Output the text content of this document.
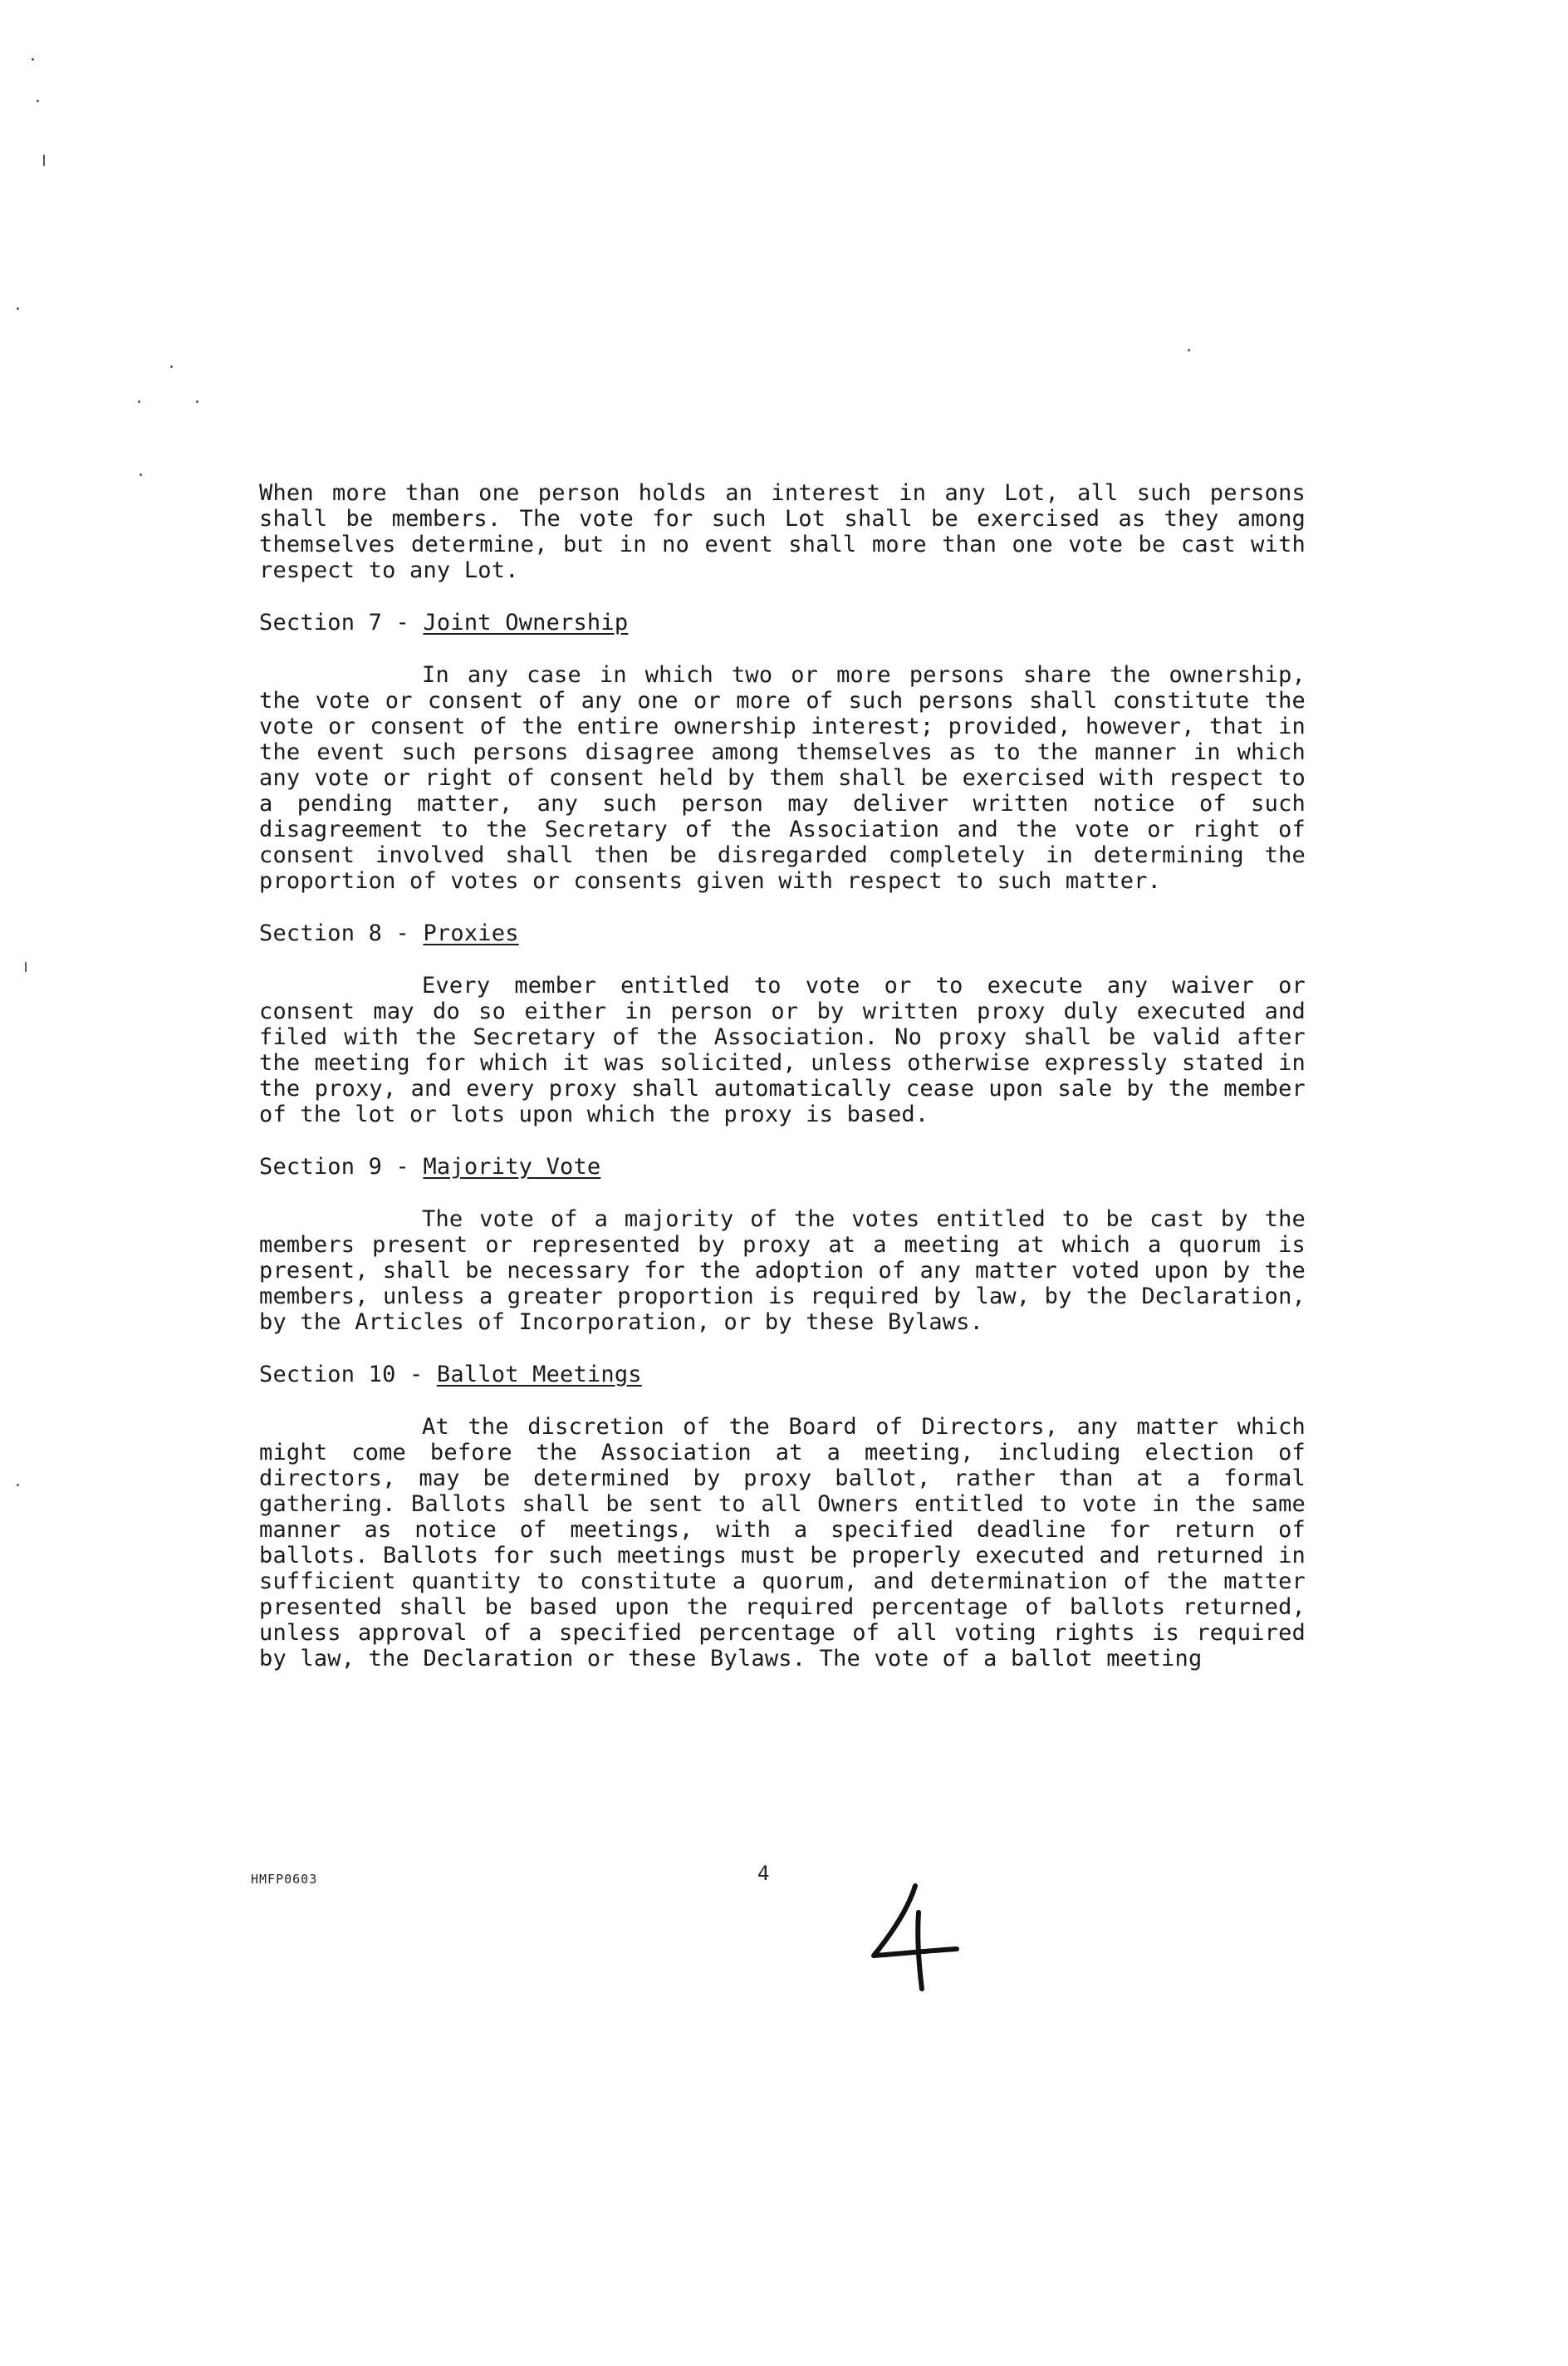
When more than one person holds an interest in any Lot, all such persons shall be members. The vote for such Lot shall be exercised as they among themselves determine, but in no event shall more than one vote be cast with respect to any Lot.

Section 7 - Joint Ownership

In any case in which two or more persons share the ownership, the vote or consent of any one or more of such persons shall constitute the vote or consent of the entire ownership interest; provided, however, that in the event such persons disagree among themselves as to the manner in which any vote or right of consent held by them shall be exercised with respect to a pending matter, any such person may deliver written notice of such disagreement to the Secretary of the Association and the vote or right of consent involved shall then be disregarded completely in determining the proportion of votes or consents given with respect to such matter.

Section 8 - Proxies

Every member entitled to vote or to execute any waiver or consent may do so either in person or by written proxy duly executed and filed with the Secretary of the Association. No proxy shall be valid after the meeting for which it was solicited, unless otherwise expressly stated in the proxy, and every proxy shall automatically cease upon sale by the member of the lot or lots upon which the proxy is based.

Section 9 - Majority Vote

The vote of a majority of the votes entitled to be cast by the members present or represented by proxy at a meeting at which a quorum is present, shall be necessary for the adoption of any matter voted upon by the members, unless a greater proportion is required by law, by the Declaration, by the Articles of Incorporation, or by these Bylaws.

Section 10 - Ballot Meetings

At the discretion of the Board of Directors, any matter which might come before the Association at a meeting, including election of directors, may be determined by proxy ballot, rather than at a formal gathering. Ballots shall be sent to all Owners entitled to vote in the same manner as notice of meetings, with a specified deadline for return of ballots. Ballots for such meetings must be properly executed and returned in sufficient quantity to constitute a quorum, and determination of the matter presented shall be based upon the required percentage of ballots returned, unless approval of a specified percentage of all voting rights is required by law, the Declaration or these Bylaws. The vote of a ballot meeting

HMFP0603	4
